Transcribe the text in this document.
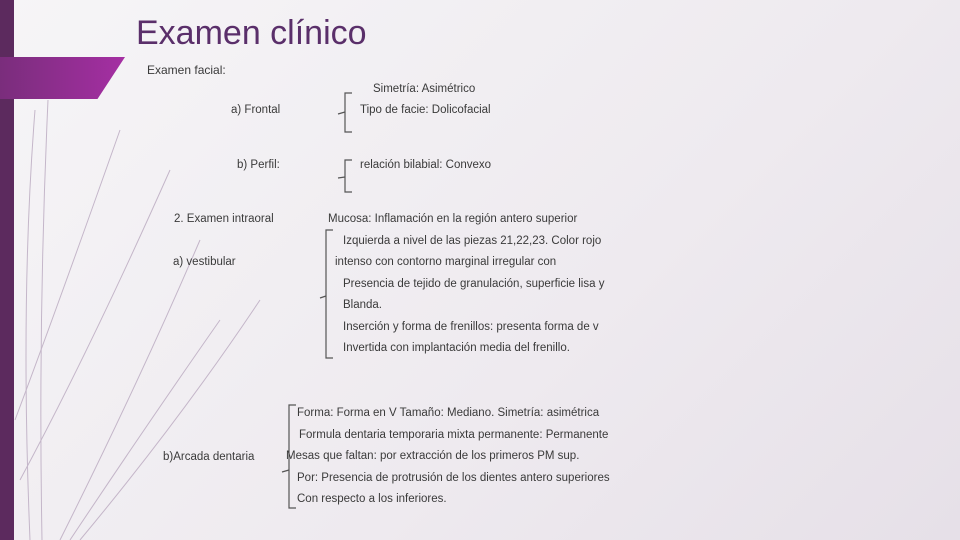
Examen clínico
Examen facial:
a) Frontal
b) Perfil:
2. Examen intraoral
a) vestibular
b)Arcada dentaria
Simetría: Asimétrico
Tipo de facie: Dolicofacial
relación bilabial: Convexo
Mucosa: Inflamación en la región antero superior
Izquierda a nivel de las piezas 21,22,23. Color rojo
intenso con contorno marginal irregular con
Presencia de tejido de granulación, superficie lisa y
Blanda.
Inserción y forma de frenillos: presenta forma de v
Invertida con implantación media del frenillo.
Forma: Forma en V Tamaño: Mediano. Simetría: asimétrica
Formula dentaria temporaria mixta permanente: Permanente
Mesas que faltan: por extracción de los primeros PM sup.
Por: Presencia de protrusión de los dientes antero superiores
Con respecto a los inferiores.
